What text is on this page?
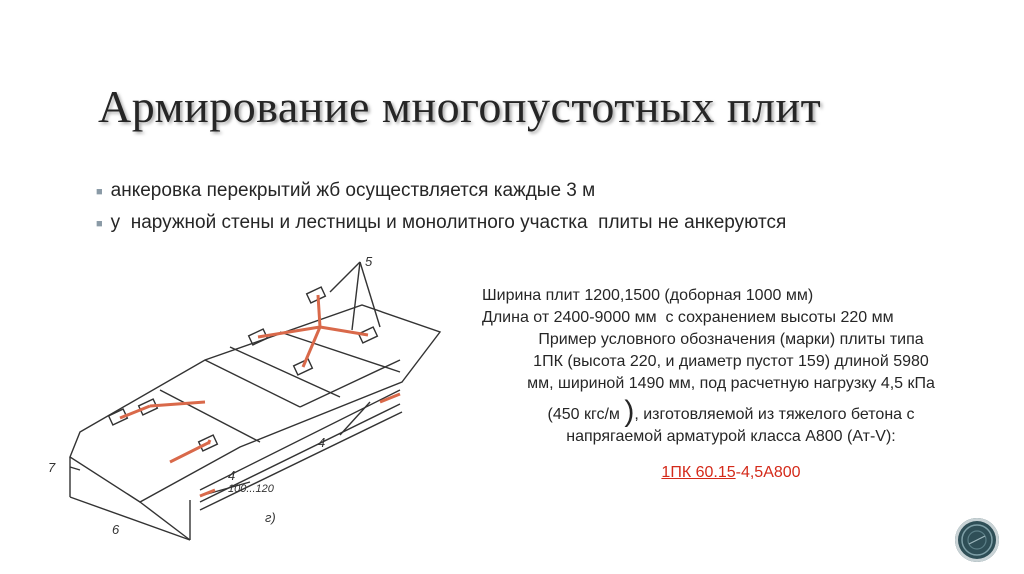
Армирование многопустотных плит
■ анкеровка перекрытий жб осуществляется каждые 3 м
■ у  наружной стены и лестницы и монолитного участка  плиты не анкеруются
5
4
7
4
100...120
6
г)
Ширина плит 1200,1500 (доборная 1000 мм)
Длина от 2400-9000 мм  с сохранением высоты 220 мм
Пример условного обозначения (марки) плиты типа
1ПК (высота 220, и диаметр пустот 159) длиной 5980
мм, шириной 1490 мм, под расчетную нагрузку 4,5 кПа
(450 кгс/м ), изготовляемой из тяжелого бетона с
напрягаемой арматурой класса А800 (Ат-V):
1ПК 60.15-4,5А800
